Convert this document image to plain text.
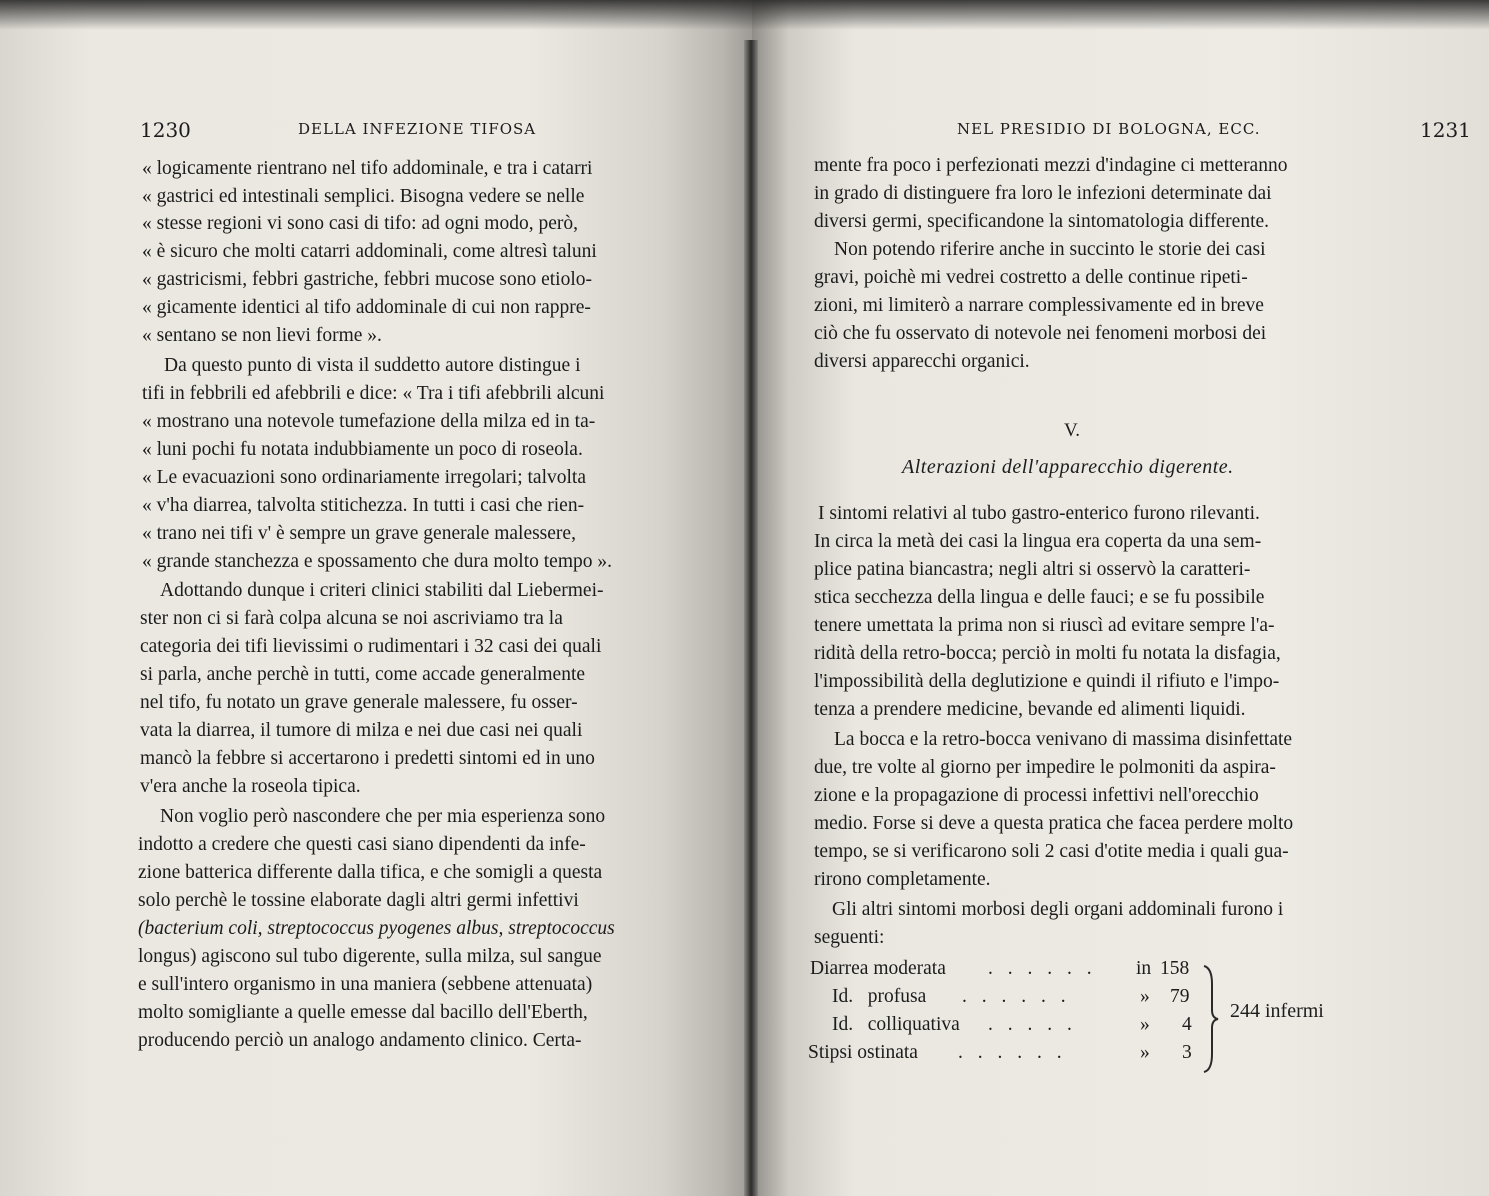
1230	DELLA INFEZIONE TIFOSA
« logicamente rientrano nel tifo addominale, e tra i catarri
« gastrici ed intestinali semplici. Bisogna vedere se nelle
« stesse regioni vi sono casi di tifo: ad ogni modo, però,
« è sicuro che molti catarri addominali, come altresì taluni
« gastricismi, febbri gastriche, febbri mucose sono etiolo-
« gicamente identici al tifo addominale di cui non rappre-
« sentano se non lievi forme ».
Da questo punto di vista il suddetto autore distingue i
tifi in febbrili ed afebbrili e dice: « Tra i tifi afebbrili alcuni
« mostrano una notevole tumefazione della milza ed in ta-
« luni pochi fu notata indubbiamente un poco di roseola.
« Le evacuazioni sono ordinariamente irregolari; talvolta
« v'ha diarrea, talvolta stitichezza. In tutti i casi che rien-
« trano nei tifi v' è sempre un grave generale malessere,
« grande stanchezza e spossamento che dura molto tempo ».
Adottando dunque i criteri clinici stabiliti dal Liebermei-
ster non ci si farà colpa alcuna se noi ascriviamo tra la
categoria dei tifi lievissimi o rudimentari i 32 casi dei quali
si parla, anche perchè in tutti, come accade generalmente
nel tifo, fu notato un grave generale malessere, fu osser-
vata la diarrea, il tumore di milza e nei due casi nei quali
mancò la febbre si accertarono i predetti sintomi ed in uno
v'era anche la roseola tipica.
Non voglio però nascondere che per mia esperienza sono
indotto a credere che questi casi siano dipendenti da infe-
zione batterica differente dalla tifica, e che somigli a questa
solo perchè le tossine elaborate dagli altri germi infettivi
(bacterium coli, streptococcus pyogenes albus, streptococcus
longus) agiscono sul tubo digerente, sulla milza, sul sangue
e sull'intero organismo in una maniera (sebbene attenuata)
molto somigliante a quelle emesse dal bacillo dell'Eberth,
producendo perciò un analogo andamento clinico. Certa-
NEL PRESIDIO DI BOLOGNA, ECC.	1231
mente fra poco i perfezionati mezzi d'indagine ci metteranno
in grado di distinguere fra loro le infezioni determinate dai
diversi germi, specificandone la sintomatologia differente.
Non potendo riferire anche in succinto le storie dei casi
gravi, poichè mi vedrei costretto a delle continue ripeti-
zioni, mi limiterò a narrare complessivamente ed in breve
ciò che fu osservato di notevole nei fenomeni morbosi dei
diversi apparecchi organici.
V.
Alterazioni dell'apparecchio digerente.
I sintomi relativi al tubo gastro-enterico furono rilevanti.
In circa la metà dei casi la lingua era coperta da una sem-
plice patina biancastra; negli altri si osservò la caratteri-
stica secchezza della lingua e delle fauci; e se fu possibile
tenere umettata la prima non si riuscì ad evitare sempre l'a-
ridità della retro-bocca; perciò in molti fu notata la disfagia,
l'impossibilità della deglutizione e quindi il rifiuto e l'impo-
tenza a prendere medicine, bevande ed alimenti liquidi.
La bocca e la retro-bocca venivano di massima disinfettate
due, tre volte al giorno per impedire le polmoniti da aspira-
zione e la propagazione di processi infettivi nell'orecchio
medio. Forse si deve a questa pratica che facea perdere molto
tempo, se si verificarono soli 2 casi d'otite media i quali gua-
rirono completamente.
Gli altri sintomi morbosi degli organi addominali furono i
seguenti:
Diarrea moderata . . . . . . in 158
Id.   profusa . . . . . .	» 79
Id.   colliquativa . . . . .	» 4
Stipsi ostinata . . . . . .	» 3
244 infermi
